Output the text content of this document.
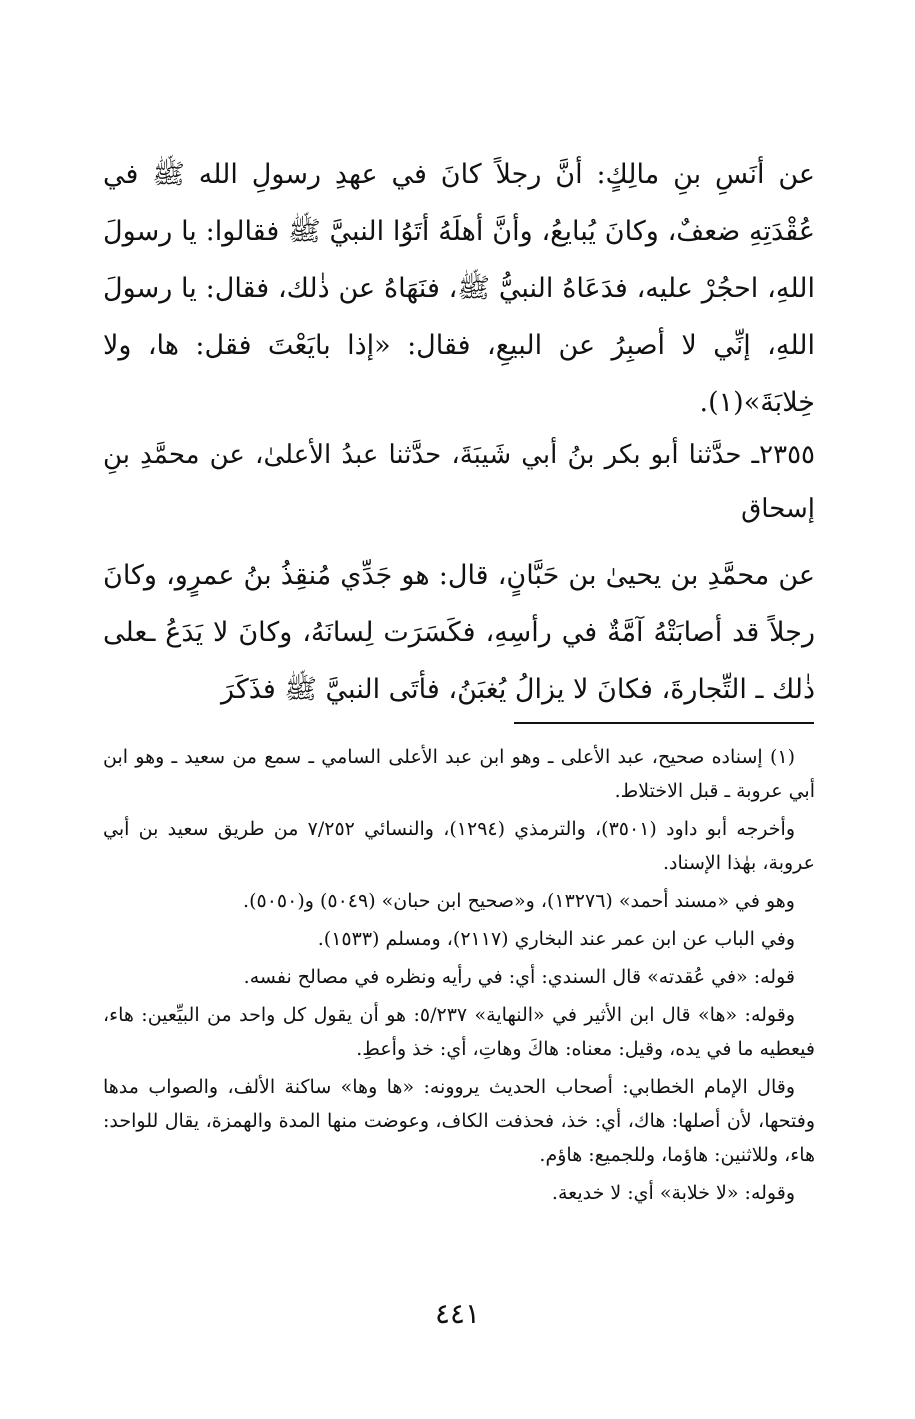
عن أنَسِ بنِ مالِكٍ: أنَّ رجلاً كانَ في عهدِ رسولِ الله ﷺ في عُقْدَتِهِ ضعفٌ، وكانَ يُبايعُ، وأنَّ أهلَهُ أتَوُا النبيَّ ﷺ فقالوا: يا رسولَ اللهِ، احجُرْ عليه، فدَعَاهُ النبيُّ ﷺ، فنَهَاهُ عن ذٰلك، فقال: يا رسولَ اللهِ، إنِّي لا أصبِرُ عن البيعِ، فقال: «إذا بايَعْتَ فقل: ها، ولا خِلابَةَ»(١).

٢٣٥٥ـ حدَّثنا أبو بكر بنُ أبي شَيبَةَ، حدَّثنا عبدُ الأعلىٰ، عن محمَّدِ بنِ إسحاق

عن محمَّدِ بن يحيىٰ بن حَبَّانٍ، قال: هو جَدِّي مُنقِذُ بنُ عمرٍو، وكانَ رجلاً قد أصابَتْهُ آمَّةٌ في رأسِهِ، فكَسَرَت لِسانَهُ، وكانَ لا يَدَعُ ـعلى ذٰلك ـ التِّجارةَ، فكانَ لا يزالُ يُغبَنُ، فأتَى النبيَّ ﷺ فذَكَرَ

(١) إسناده صحيح، عبد الأعلى ـ وهو ابن عبد الأعلى السامي ـ سمع من سعيد ـ وهو ابن أبي عروبة ـ قبل الاختلاط.

وأخرجه أبو داود (٣٥٠١)، والترمذي (١٢٩٤)، والنسائي ٧/٢٥٢ من طريق سعيد بن أبي عروبة، بهٰذا الإسناد.

وهو في «مسند أحمد» (١٣٢٧٦)، و«صحيح ابن حبان» (٥٠٤٩) و(٥٠٥٠).

وفي الباب عن ابن عمر عند البخاري (٢١١٧)، ومسلم (١٥٣٣).

قوله: «في عُقدته» قال السندي: أي: في رأيه ونظره في مصالح نفسه.

وقوله: «ها» قال ابن الأثير في «النهاية» ٥/٢٣٧: هو أن يقول كل واحد من البيِّعين: هاء، فيعطيه ما في يده، وقيل: معناه: هاكَ وهاتِ، أي: خذ وأعطِ.

وقال الإمام الخطابي: أصحاب الحديث يروونه: «ها وها» ساكنة الألف، والصواب مدها وفتحها، لأن أصلها: هاك، أي: خذ، فحذفت الكاف، وعوضت منها المدة والهمزة، يقال للواحد: هاء، وللاثنين: هاؤما، وللجميع: هاؤم.

وقوله: «لا خلابة» أي: لا خديعة.

٤٤١
